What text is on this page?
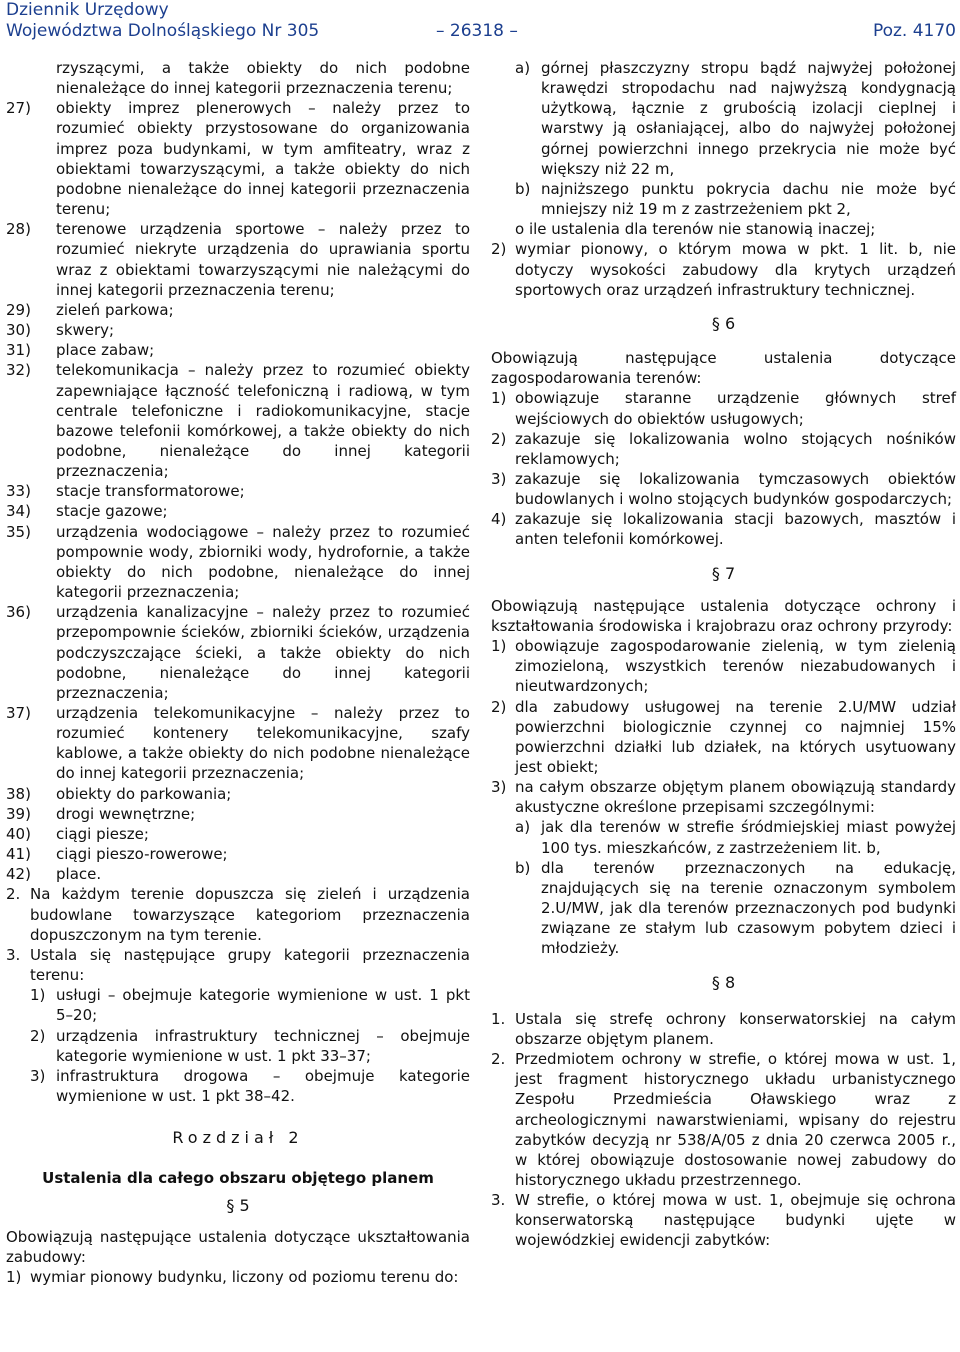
Dziennik Urzędowy
Województwa Dolnośląskiego Nr 305	– 26318 –	Poz. 4170

rzyszącymi, a także obiekty do nich podobne nienależące do innej kategorii przeznaczenia terenu;

27) obiekty imprez plenerowych – należy przez to rozumieć obiekty przystosowane do organizowania imprez poza budynkami, w tym amfiteatry, wraz z obiektami towarzyszącymi, a także obiekty do nich podobne nienależące do innej kategorii przeznaczenia terenu;

28) terenowe urządzenia sportowe – należy przez to rozumieć niekryte urządzenia do uprawiania sportu wraz z obiektami towarzyszącymi nie należącymi do innej kategorii przeznaczenia terenu;

29) zieleń parkowa;

30) skwery;

31) place zabaw;

32) telekomunikacja – należy przez to rozumieć obiekty zapewniające łączność telefoniczną i radiową, w tym centrale telefoniczne i radiokomunikacyjne, stacje bazowe telefonii komórkowej, a także obiekty do nich podobne, nienależące do innej kategorii przeznaczenia;

33) stacje transformatorowe;

34) stacje gazowe;

35) urządzenia wodociągowe – należy przez to rozumieć pompownie wody, zbiorniki wody, hydrofornie, a także obiekty do nich podobne, nienależące do innej kategorii przeznaczenia;

36) urządzenia kanalizacyjne – należy przez to rozumieć przepompownie ścieków, zbiorniki ścieków, urządzenia podczyszczające ścieki, a także obiekty do nich podobne, nienależące do innej kategorii przeznaczenia;

37) urządzenia telekomunikacyjne – należy przez to rozumieć kontenery telekomunikacyjne, szafy kablowe, a także obiekty do nich podobne nienależące do innej kategorii przeznaczenia;

38) obiekty do parkowania;

39) drogi wewnętrzne;

40) ciągi piesze;

41) ciągi pieszo-rowerowe;

42) place.

2. Na każdym terenie dopuszcza się zieleń i urządzenia budowlane towarzyszące kategoriom przeznaczenia dopuszczonym na tym terenie.

3. Ustala się następujące grupy kategorii przeznaczenia terenu:

1) usługi – obejmuje kategorie wymienione w ust. 1 pkt 5–20;

2) urządzenia infrastruktury technicznej – obejmuje kategorie wymienione w ust. 1 pkt 33–37;

3) infrastruktura drogowa – obejmuje kategorie wymienione w ust. 1 pkt 38–42.

Rozdział 2

Ustalenia dla całego obszaru objętego planem

§ 5

Obowiązują następujące ustalenia dotyczące ukształtowania zabudowy:

1) wymiar pionowy budynku, liczony od poziomu terenu do:

a) górnej płaszczyzny stropu bądź najwyżej położonej krawędzi stropodachu nad najwyższą kondygnacją użytkową, łącznie z grubością izolacji cieplnej i warstwy ją osłaniającej, albo do najwyżej położonej górnej powierzchni innego przekrycia nie może być większy niż 22 m,

b) najniższego punktu pokrycia dachu nie może być mniejszy niż 19 m z zastrzeżeniem pkt 2,

o ile ustalenia dla terenów nie stanowią inaczej;

2) wymiar pionowy, o którym mowa w pkt. 1 lit. b, nie dotyczy wysokości zabudowy dla krytych urządzeń sportowych oraz urządzeń infrastruktury technicznej.

§ 6

Obowiązują następujące ustalenia dotyczące zagospodarowania terenów:

1) obowiązuje staranne urządzenie głównych stref wejściowych do obiektów usługowych;

2) zakazuje się lokalizowania wolno stojących nośników reklamowych;

3) zakazuje się lokalizowania tymczasowych obiektów budowlanych i wolno stojących budynków gospodarczych;

4) zakazuje się lokalizowania stacji bazowych, masztów i anten telefonii komórkowej.

§ 7

Obowiązują następujące ustalenia dotyczące ochrony i kształtowania środowiska i krajobrazu oraz ochrony przyrody:

1) obowiązuje zagospodarowanie zielenią, w tym zielenią zimozieloną, wszystkich terenów niezabudowanych i nieutwardzonych;

2) dla zabudowy usługowej na terenie 2.U/MW udział powierzchni biologicznie czynnej co najmniej 15% powierzchni działki lub działek, na których usytuowany jest obiekt;

3) na całym obszarze objętym planem obowiązują standardy akustyczne określone przepisami szczególnymi:

a) jak dla terenów w strefie śródmiejskiej miast powyżej 100 tys. mieszkańców, z zastrzeżeniem lit. b,

b) dla terenów przeznaczonych na edukację, znajdujących się na terenie oznaczonym symbolem 2.U/MW, jak dla terenów przeznaczonych pod budynki związane ze stałym lub czasowym pobytem dzieci i młodzieży.

§ 8

1. Ustala się strefę ochrony konserwatorskiej na całym obszarze objętym planem.

2. Przedmiotem ochrony w strefie, o której mowa w ust. 1, jest fragment historycznego układu urbanistycznego Zespołu Przedmieścia Oławskiego wraz z archeologicznymi nawarstwieniami, wpisany do rejestru zabytków decyzją nr 538/A/05 z dnia 20 czerwca 2005 r., w której obowiązuje dostosowanie nowej zabudowy do historycznego układu przestrzennego.

3. W strefie, o której mowa w ust. 1, obejmuje się ochrona konserwatorską następujące budynki ujęte w wojewódzkiej ewidencji zabytków:
